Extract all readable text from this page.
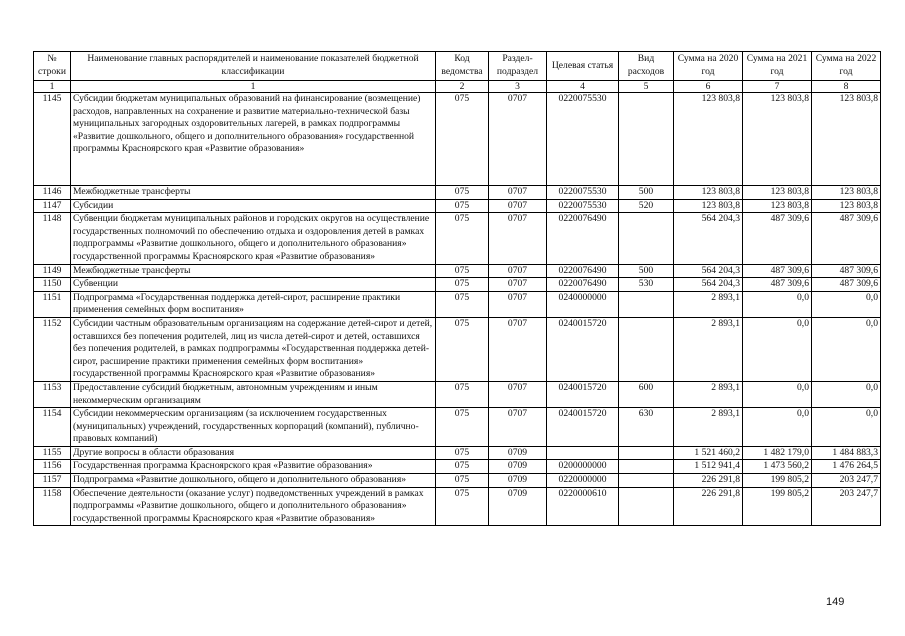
№ строки	Наименование главных распорядителей и наименование показателей бюджетной классификации	Код ведомства	Раздел-подраздел	Целевая статья	Вид расходов	Сумма на 2020 год	Сумма на 2021 год	Сумма на 2022 год
1	1	2	3	4	5	6	7	8
1145	Субсидии бюджетам муниципальных образований на финансирование (возмещение) расходов, направленных на сохранение и развитие материально-технической базы муниципальных загородных оздоровительных лагерей, в рамках подпрограммы «Развитие дошкольного, общего и дополнительного образования» государственной программы Красноярского края «Развитие образования»	075	0707	0220075530		123 803,8	123 803,8	123 803,8
1146	Межбюджетные трансферты	075	0707	0220075530	500	123 803,8	123 803,8	123 803,8
1147	Субсидии	075	0707	0220075530	520	123 803,8	123 803,8	123 803,8
1148	Субвенции бюджетам муниципальных районов и городских округов на осуществление государственных полномочий по обеспечению отдыха и оздоровления детей в рамках подпрограммы «Развитие дошкольного, общего и дополнительного образования» государственной программы Красноярского края «Развитие образования»	075	0707	0220076490		564 204,3	487 309,6	487 309,6
1149	Межбюджетные трансферты	075	0707	0220076490	500	564 204,3	487 309,6	487 309,6
1150	Субвенции	075	0707	0220076490	530	564 204,3	487 309,6	487 309,6
1151	Подпрограмма «Государственная поддержка детей-сирот, расширение практики применения семейных форм воспитания»	075	0707	0240000000		2 893,1	0,0	0,0
1152	Субсидии частным образовательным организациям на содержание детей-сирот и детей, оставшихся без попечения родителей, лиц из числа детей-сирот и детей, оставшихся без попечения родителей, в рамках подпрограммы «Государственная поддержка детей-сирот, расширение практики применения семейных форм воспитания» государственной программы Красноярского края «Развитие образования»	075	0707	0240015720		2 893,1	0,0	0,0
1153	Предоставление субсидий бюджетным, автономным учреждениям и иным некоммерческим организациям	075	0707	0240015720	600	2 893,1	0,0	0,0
1154	Субсидии некоммерческим организациям (за исключением государственных (муниципальных) учреждений, государственных корпораций (компаний), публично-правовых компаний)	075	0707	0240015720	630	2 893,1	0,0	0,0
1155	Другие вопросы в области образования	075	0709			1 521 460,2	1 482 179,0	1 484 883,3
1156	Государственная программа Красноярского края «Развитие образования»	075	0709	0200000000		1 512 941,4	1 473 560,2	1 476 264,5
1157	Подпрограмма «Развитие дошкольного, общего и дополнительного образования»	075	0709	0220000000		226 291,8	199 805,2	203 247,7
1158	Обеспечение деятельности (оказание услуг) подведомственных учреждений в рамках подпрограммы «Развитие дошкольного, общего и дополнительного образования» государственной программы Красноярского края «Развитие образования»	075	0709	0220000610		226 291,8	199 805,2	203 247,7
149
